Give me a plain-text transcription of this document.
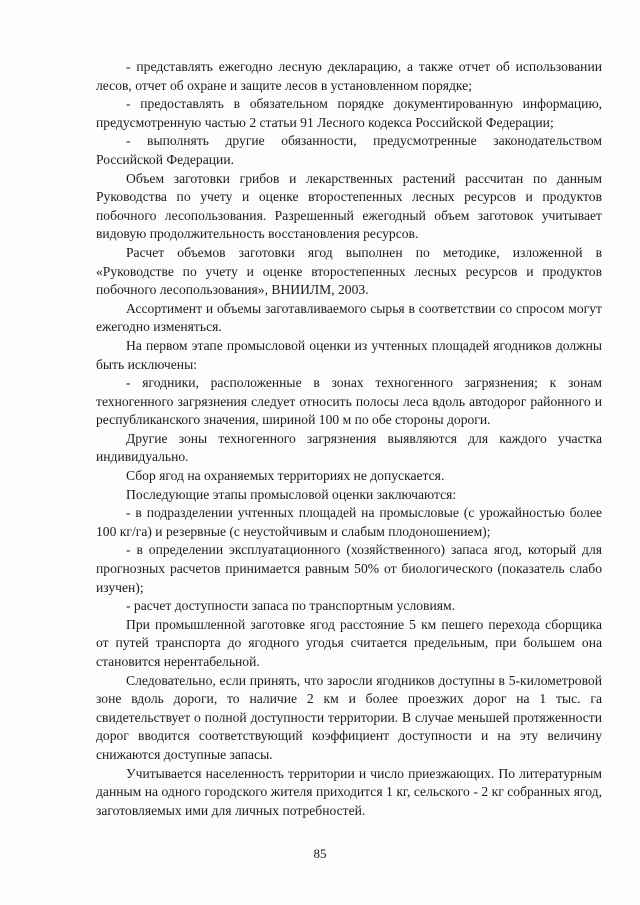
- представлять ежегодно лесную декларацию, а также отчет об использовании лесов, отчет об охране и защите лесов в установленном порядке;

- предоставлять в обязательном порядке документированную информацию, предусмотренную частью 2 статьи 91 Лесного кодекса Российской Федерации;

- выполнять другие обязанности, предусмотренные законодательством Российской Федерации.

Объем заготовки грибов и лекарственных растений рассчитан по данным Руководства по учету и оценке второстепенных лесных ресурсов и продуктов побочного лесопользования. Разрешенный ежегодный объем заготовок учитывает видовую продолжительность восстановления ресурсов.

Расчет объемов заготовки ягод выполнен по методике, изложенной в «Руководстве по учету и оценке второстепенных лесных ресурсов и продуктов побочного лесопользования», ВНИИЛМ, 2003.

Ассортимент и объемы заготавливаемого сырья в соответствии со спросом могут ежегодно изменяться.

На первом этапе промысловой оценки из учтенных площадей ягодников должны быть исключены:

- ягодники, расположенные в зонах техногенного загрязнения; к зонам техногенного загрязнения следует относить полосы леса вдоль автодорог районного и республиканского значения, шириной 100 м по обе стороны дороги.

Другие зоны техногенного загрязнения выявляются для каждого участка индивидуально.

Сбор ягод на охраняемых территориях не допускается.

Последующие этапы промысловой оценки заключаются:

- в подразделении учтенных площадей на промысловые (с урожайностью более 100 кг/га) и резервные (с неустойчивым и слабым плодоношением);

- в определении эксплуатационного (хозяйственного) запаса ягод, который для прогнозных расчетов принимается равным 50% от биологического (показатель слабо изучен);

- расчет доступности запаса по транспортным условиям.

При промышленной заготовке ягод расстояние 5 км пешего перехода сборщика от путей транспорта до ягодного угодья считается предельным, при большем она становится нерентабельной.

Следовательно, если принять, что заросли ягодников доступны в 5-километровой зоне вдоль дороги, то наличие 2 км и более проезжих дорог на 1 тыс. га свидетельствует о полной доступности территории. В случае меньшей протяженности дорог вводится соответствующий коэффициент доступности и на эту величину снижаются доступные запасы.

Учитывается населенность территории и число приезжающих. По литературным данным на одного городского жителя приходится 1 кг, сельского - 2 кг собранных ягод, заготовляемых ими для личных потребностей.

85
